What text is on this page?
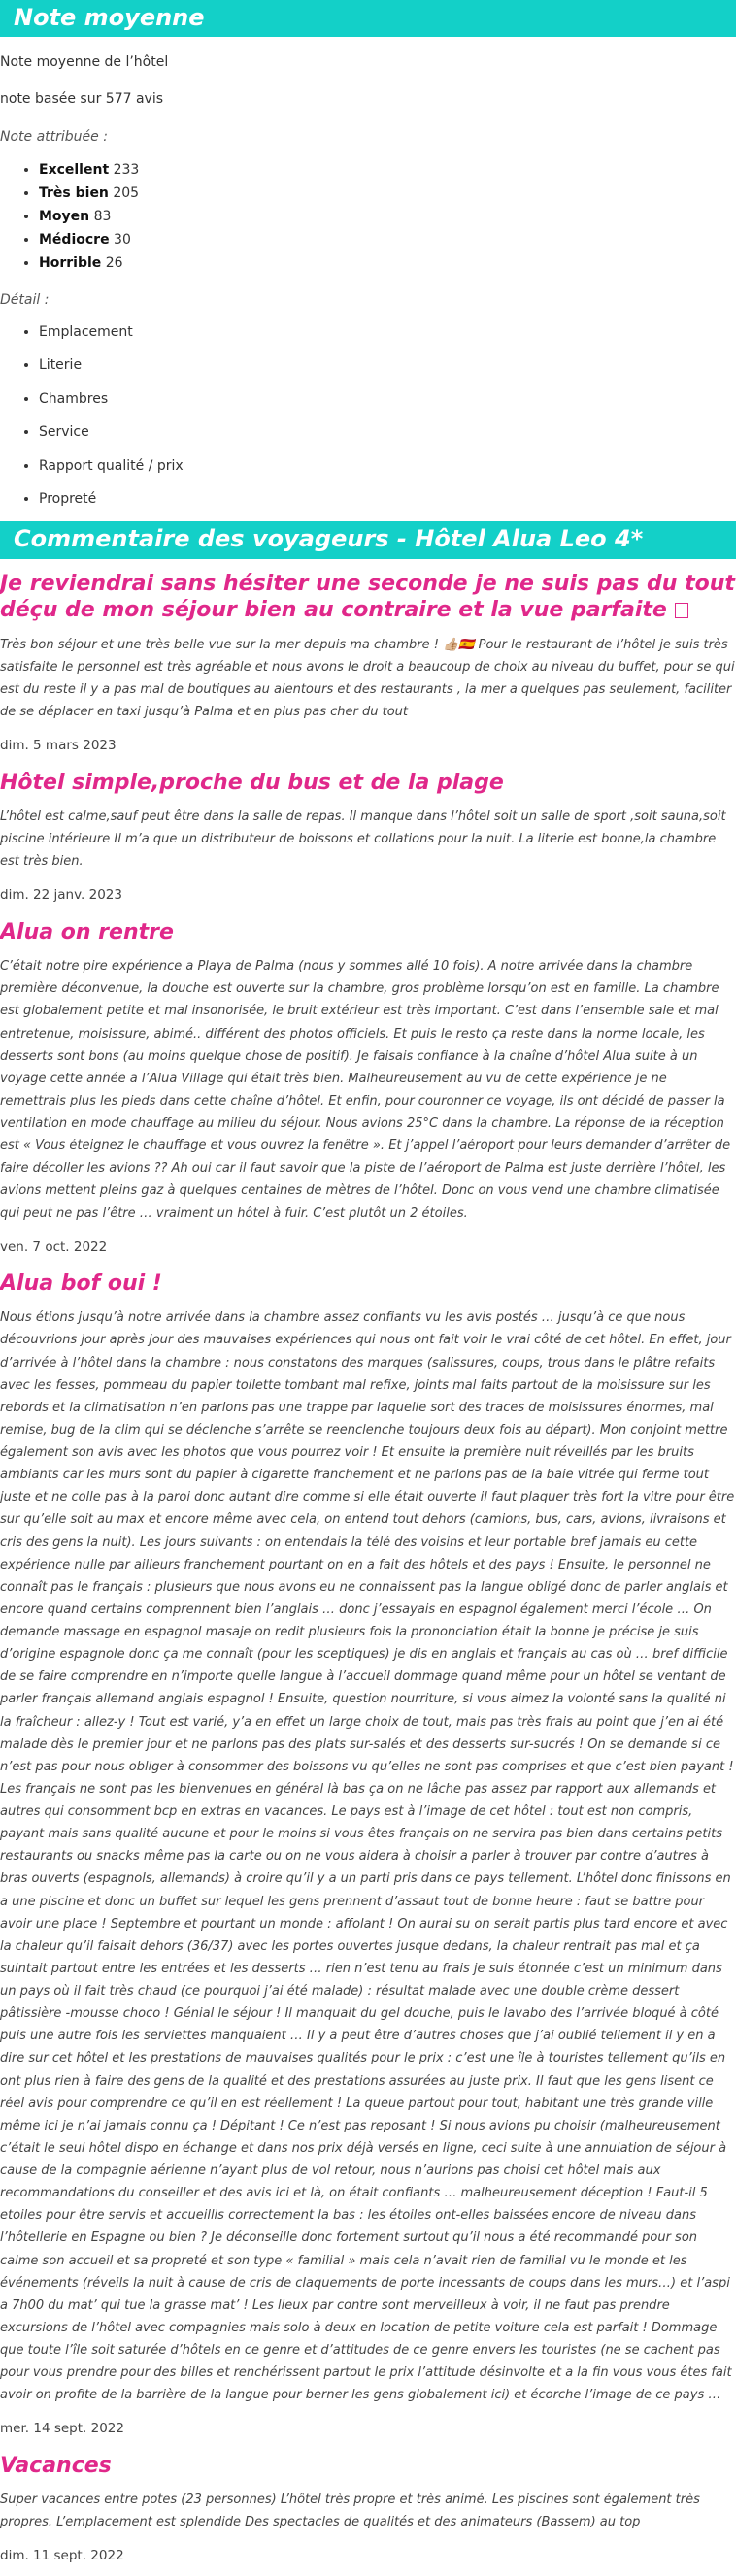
Note moyenne

Note moyenne de l’hôtel

note basée sur 577 avis

Note attribuée :

• Excellent 233
• Très bien 205
• Moyen 83
• Médiocre 30
• Horrible 26

Détail :

• Emplacement
• Literie
• Chambres
• Service
• Rapport qualité / prix
• Propreté
Commentaire des voyageurs - Hôtel Alua Leo 4*
Je reviendrai sans hésiter une seconde je ne suis pas du tout déçu de mon séjour bien au contraire et la vue parfaite

Très bon séjour et une très belle vue sur la mer depuis ma chambre ! 👍🏼🇪🇸 Pour le restaurant de l’hôtel je suis très satisfaite le personnel est très agréable et nous avons le droit a beaucoup de choix au niveau du buffet, pour se qui est du reste il y a pas mal de boutiques au alentours et des restaurants , la mer a quelques pas seulement, faciliter de se déplacer en taxi jusqu’à Palma et en plus pas cher du tout

dim. 5 mars 2023

Hôtel simple,proche du bus et de la plage

L’hôtel est calme,sauf peut être dans la salle de repas. Il manque dans l’hôtel soit un salle de sport ,soit sauna,soit piscine intérieure Il m’a que un distributeur de boissons et collations pour la nuit. La literie est bonne,la chambre est très bien.

dim. 22 janv. 2023

Alua on rentre

C’était notre pire expérience a Playa de Palma (nous y sommes allé 10 fois). A notre arrivée dans la chambre première déconvenue, la douche est ouverte sur la chambre, gros problème lorsqu’on est en famille. La chambre est globalement petite et mal insonorisée, le bruit extérieur est très important. C’est dans l’ensemble sale et mal entretenue, moisissure, abimé.. différent des photos officiels. Et puis le resto ça reste dans la norme locale, les desserts sont bons (au moins quelque chose de positif). Je faisais confiance à la chaîne d’hôtel Alua suite à un voyage cette année a l’Alua Village qui était très bien. Malheureusement au vu de cette expérience je ne remettrais plus les pieds dans cette chaîne d’hôtel. Et enfin, pour couronner ce voyage, ils ont décidé de passer la ventilation en mode chauffage au milieu du séjour. Nous avions 25°C dans la chambre. La réponse de la réception est « Vous éteignez le chauffage et vous ouvrez la fenêtre ». Et j’appel l’aéroport pour leurs demander d’arrêter de faire décoller les avions ?? Ah oui car il faut savoir que la piste de l’aéroport de Palma est juste derrière l’hôtel, les avions mettent pleins gaz à quelques centaines de mètres de l’hôtel. Donc on vous vend une chambre climatisée qui peut ne pas l’être … vraiment un hôtel à fuir. C’est plutôt un 2 étoiles.

ven. 7 oct. 2022

Alua bof oui !

Nous étions jusqu’à notre arrivée dans la chambre assez confiants vu les avis postés … jusqu’à ce que nous découvrions jour après jour des mauvaises expériences qui nous ont fait voir le vrai côté de cet hôtel. En effet, jour d’arrivée à l’hôtel dans la chambre : nous constatons des marques (salissures, coups, trous dans le plâtre refaits avec les fesses, pommeau du papier toilette tombant mal refixe, joints mal faits partout de la moisissure sur les rebords et la climatisation n’en parlons pas une trappe par laquelle sort des traces de moisissures énormes, mal remise, bug de la clim qui se déclenche s’arrête se reenclenche toujours deux fois au départ). Mon conjoint mettre également son avis avec les photos que vous pourrez voir ! Et ensuite la première nuit réveillés par les bruits ambiants car les murs sont du papier à cigarette franchement et ne parlons pas de la baie vitrée qui ferme tout juste et ne colle pas à la paroi donc autant dire comme si elle était ouverte il faut plaquer très fort la vitre pour être sur qu’elle soit au max et encore même avec cela, on entend tout dehors (camions, bus, cars, avions, livraisons et cris des gens la nuit). Les jours suivants : on entendais la télé des voisins et leur portable bref jamais eu cette expérience nulle par ailleurs franchement pourtant on en a fait des hôtels et des pays ! Ensuite, le personnel ne connaît pas le français : plusieurs que nous avons eu ne connaissent pas la langue obligé donc de parler anglais et encore quand certains comprennent bien l’anglais … donc j’essayais en espagnol également merci l’école … On demande massage en espagnol masaje on redit plusieurs fois la prononciation était la bonne je précise je suis d’origine espagnole donc ça me connaît (pour les sceptiques) je dis en anglais et français au cas où … bref difficile de se faire comprendre en n’importe quelle langue à l’accueil dommage quand même pour un hôtel se ventant de parler français allemand anglais espagnol ! Ensuite, question nourriture, si vous aimez la volonté sans la qualité ni la fraîcheur : allez-y ! Tout est varié, y’a en effet un large choix de tout, mais pas très frais au point que j’en ai été malade dès le premier jour et ne parlons pas des plats sur-salés et des desserts sur-sucrés ! On se demande si ce n’est pas pour nous obliger à consommer des boissons vu qu’elles ne sont pas comprises et que c’est bien payant ! Les français ne sont pas les bienvenues en général là bas ça on ne lâche pas assez par rapport aux allemands et autres qui consomment bcp en extras en vacances. Le pays est à l’image de cet hôtel : tout est non compris, payant mais sans qualité aucune et pour le moins si vous êtes français on ne servira pas bien dans certains petits restaurants ou snacks même pas la carte ou on ne vous aidera à choisir a parler à trouver par contre d’autres à bras ouverts (espagnols, allemands) à croire qu’il y a un parti pris dans ce pays tellement. L’hôtel donc finissons en a une piscine et donc un buffet sur lequel les gens prennent d’assaut tout de bonne heure : faut se battre pour avoir une place ! Septembre et pourtant un monde : affolant ! On aurai su on serait partis plus tard encore et avec la chaleur qu’il faisait dehors (36/37) avec les portes ouvertes jusque dedans, la chaleur rentrait pas mal et ça suintait partout entre les entrées et les desserts … rien n’est tenu au frais je suis étonnée c’est un minimum dans un pays où il fait très chaud (ce pourquoi j’ai été malade) : résultat malade avec une double crème dessert pâtissière -mousse choco ! Génial le séjour ! Il manquait du gel douche, puis le lavabo des l’arrivée bloqué à côté puis une autre fois les serviettes manquaient … Il y a peut être d’autres choses que j’ai oublié tellement il y en a dire sur cet hôtel et les prestations de mauvaises qualités pour le prix : c’est une île à touristes tellement qu’ils en ont plus rien à faire des gens de la qualité et des prestations assurées au juste prix. Il faut que les gens lisent ce réel avis pour comprendre ce qu’il en est réellement ! La queue partout pour tout, habitant une très grande ville même ici je n’ai jamais connu ça ! Dépitant ! Ce n’est pas reposant ! Si nous avions pu choisir (malheureusement c’était le seul hôtel dispo en échange et dans nos prix déjà versés en ligne, ceci suite à une annulation de séjour à cause de la compagnie aérienne n’ayant plus de vol retour, nous n’aurions pas choisi cet hôtel mais aux recommandations du conseiller et des avis ici et là, on était confiants … malheureusement déception ! Faut-il 5 etoiles pour être servis et accueillis correctement la bas : les étoiles ont-elles baissées encore de niveau dans l’hôtellerie en Espagne ou bien ? Je déconseille donc fortement surtout qu’il nous a été recommandé pour son calme son accueil et sa propreté et son type « familial » mais cela n’avait rien de familial vu le monde et les événements (réveils la nuit à cause de cris de claquements de porte incessants de coups dans les murs…) et l’aspi a 7h00 du mat’ qui tue la grasse mat’ ! Les lieux par contre sont merveilleux à voir, il ne faut pas prendre excursions de l’hôtel avec compagnies mais solo à deux en location de petite voiture cela est parfait ! Dommage que toute l’île soit saturée d’hôtels en ce genre et d’attitudes de ce genre envers les touristes (ne se cachent pas pour vous prendre pour des billes et renchérissent partout le prix l’attitude désinvolte et a la fin vous vous êtes fait avoir on profite de la barrière de la langue pour berner les gens globalement ici) et écorche l’image de ce pays …

mer. 14 sept. 2022

Vacances

Super vacances entre potes (23 personnes) L’hôtel très propre et très animé. Les piscines sont également très propres. L’emplacement est splendide Des spectacles de qualités et des animateurs (Bassem) au top

dim. 11 sept. 2022
